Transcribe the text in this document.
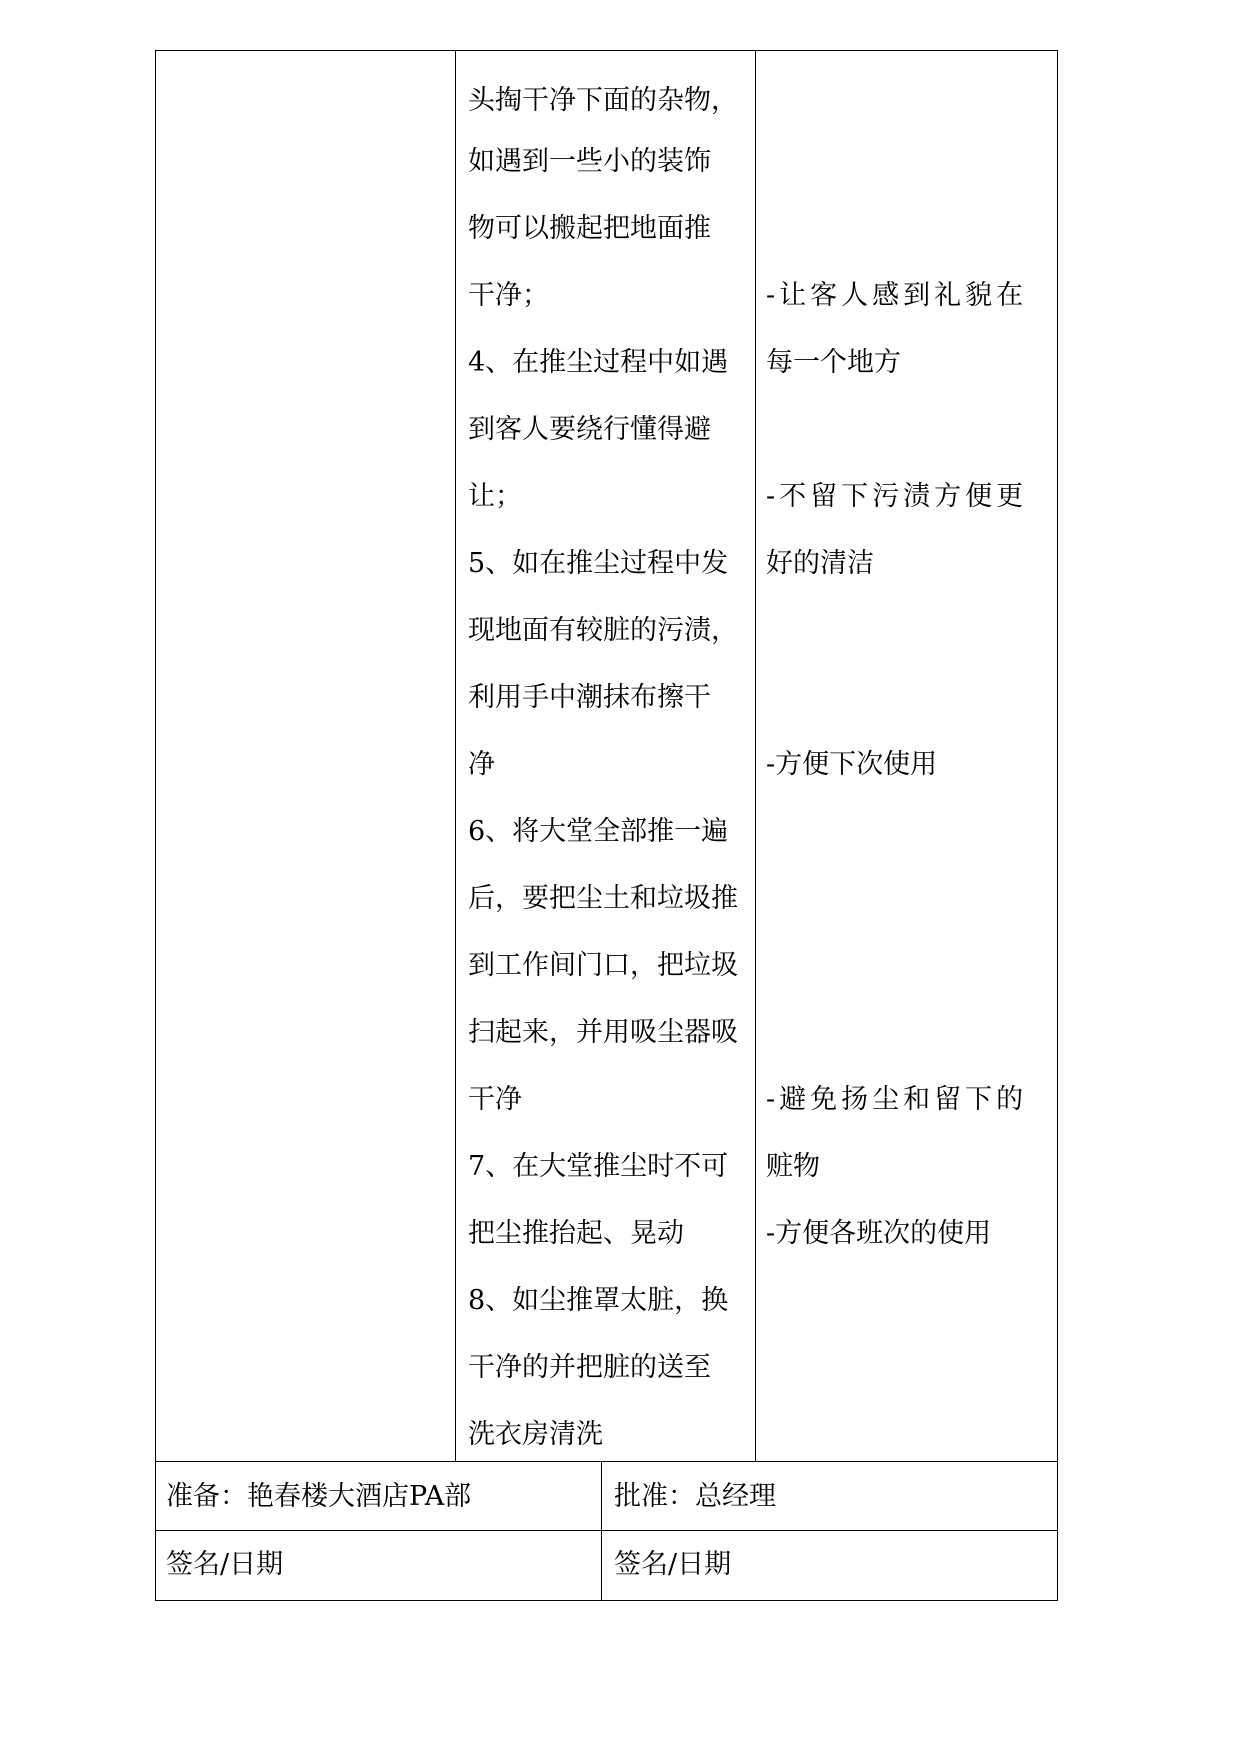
头掏干净下面的杂物，
如遇到一些小的装饰
物可以搬起把地面推
干净；
4、在推尘过程中如遇
到客人要绕行懂得避
让；
5、如在推尘过程中发
现地面有较脏的污渍，
利用手中潮抹布擦干
净
6、将大堂全部推一遍
后，要把尘土和垃圾推
到工作间门口，把垃圾
扫起来，并用吸尘器吸
干净
7、在大堂推尘时不可
把尘推抬起、晃动
8、如尘推罩太脏，换
干净的并把脏的送至
洗衣房清洗
-让客人感到礼貌在
每一个地方
-不留下污渍方便更
好的清洁
-方便下次使用
-避免扬尘和留下的
赃物
-方便各班次的使用
准备：艳春楼大酒店PA部	批准：总经理
签名/日期	签名/日期
